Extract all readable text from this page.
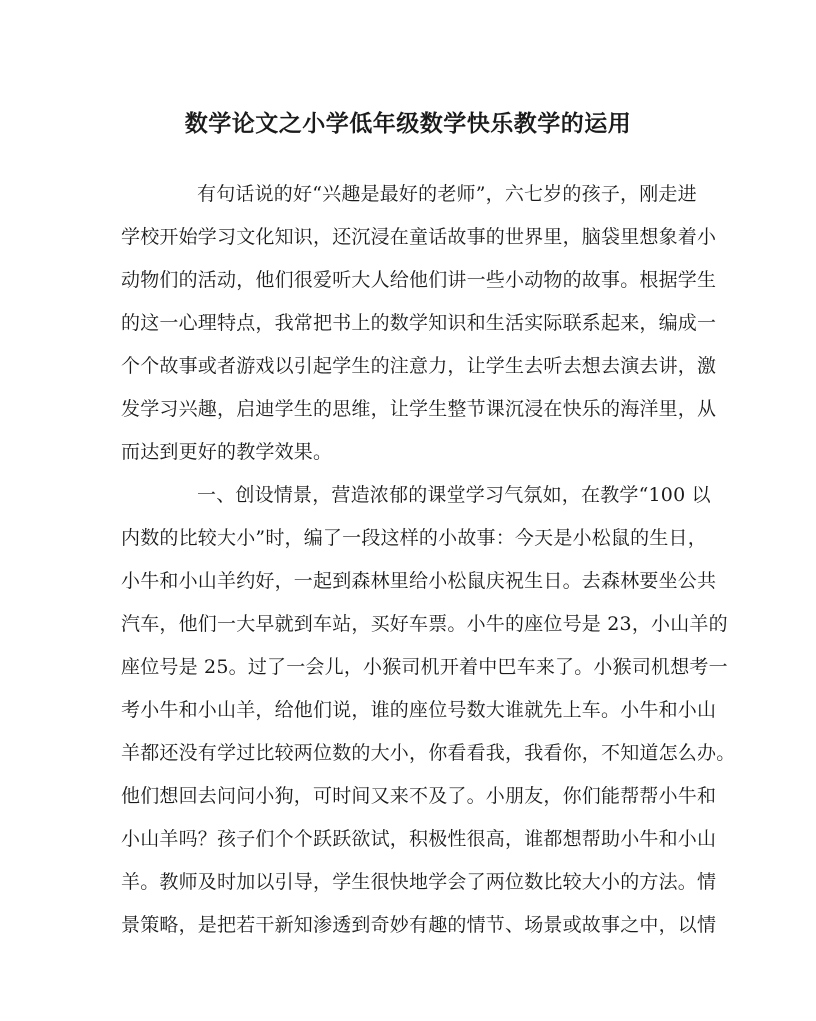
数学论文之小学低年级数学快乐教学的运用
有句话说的好“兴趣是最好的老师”，六七岁的孩子，刚走进
学校开始学习文化知识，还沉浸在童话故事的世界里，脑袋里想象着小
动物们的活动，他们很爱听大人给他们讲一些小动物的故事。根据学生
的这一心理特点，我常把书上的数学知识和生活实际联系起来，编成一
个个故事或者游戏以引起学生的注意力，让学生去听去想去演去讲，激
发学习兴趣，启迪学生的思维，让学生整节课沉浸在快乐的海洋里，从
而达到更好的教学效果。
一、创设情景，营造浓郁的课堂学习气氛如，在教学“100 以
内数的比较大小”时，编了一段这样的小故事：今天是小松鼠的生日，
小牛和小山羊约好，一起到森林里给小松鼠庆祝生日。去森林要坐公共
汽车，他们一大早就到车站，买好车票。小牛的座位号是 23，小山羊的
座位号是 25。过了一会儿，小猴司机开着中巴车来了。小猴司机想考一
考小牛和小山羊，给他们说，谁的座位号数大谁就先上车。小牛和小山
羊都还没有学过比较两位数的大小，你看看我，我看你，不知道怎么办。
他们想回去问问小狗，可时间又来不及了。小朋友，你们能帮帮小牛和
小山羊吗？孩子们个个跃跃欲试，积极性很高，谁都想帮助小牛和小山
羊。教师及时加以引导，学生很快地学会了两位数比较大小的方法。情
景策略，是把若干新知渗透到奇妙有趣的情节、场景或故事之中，以情
